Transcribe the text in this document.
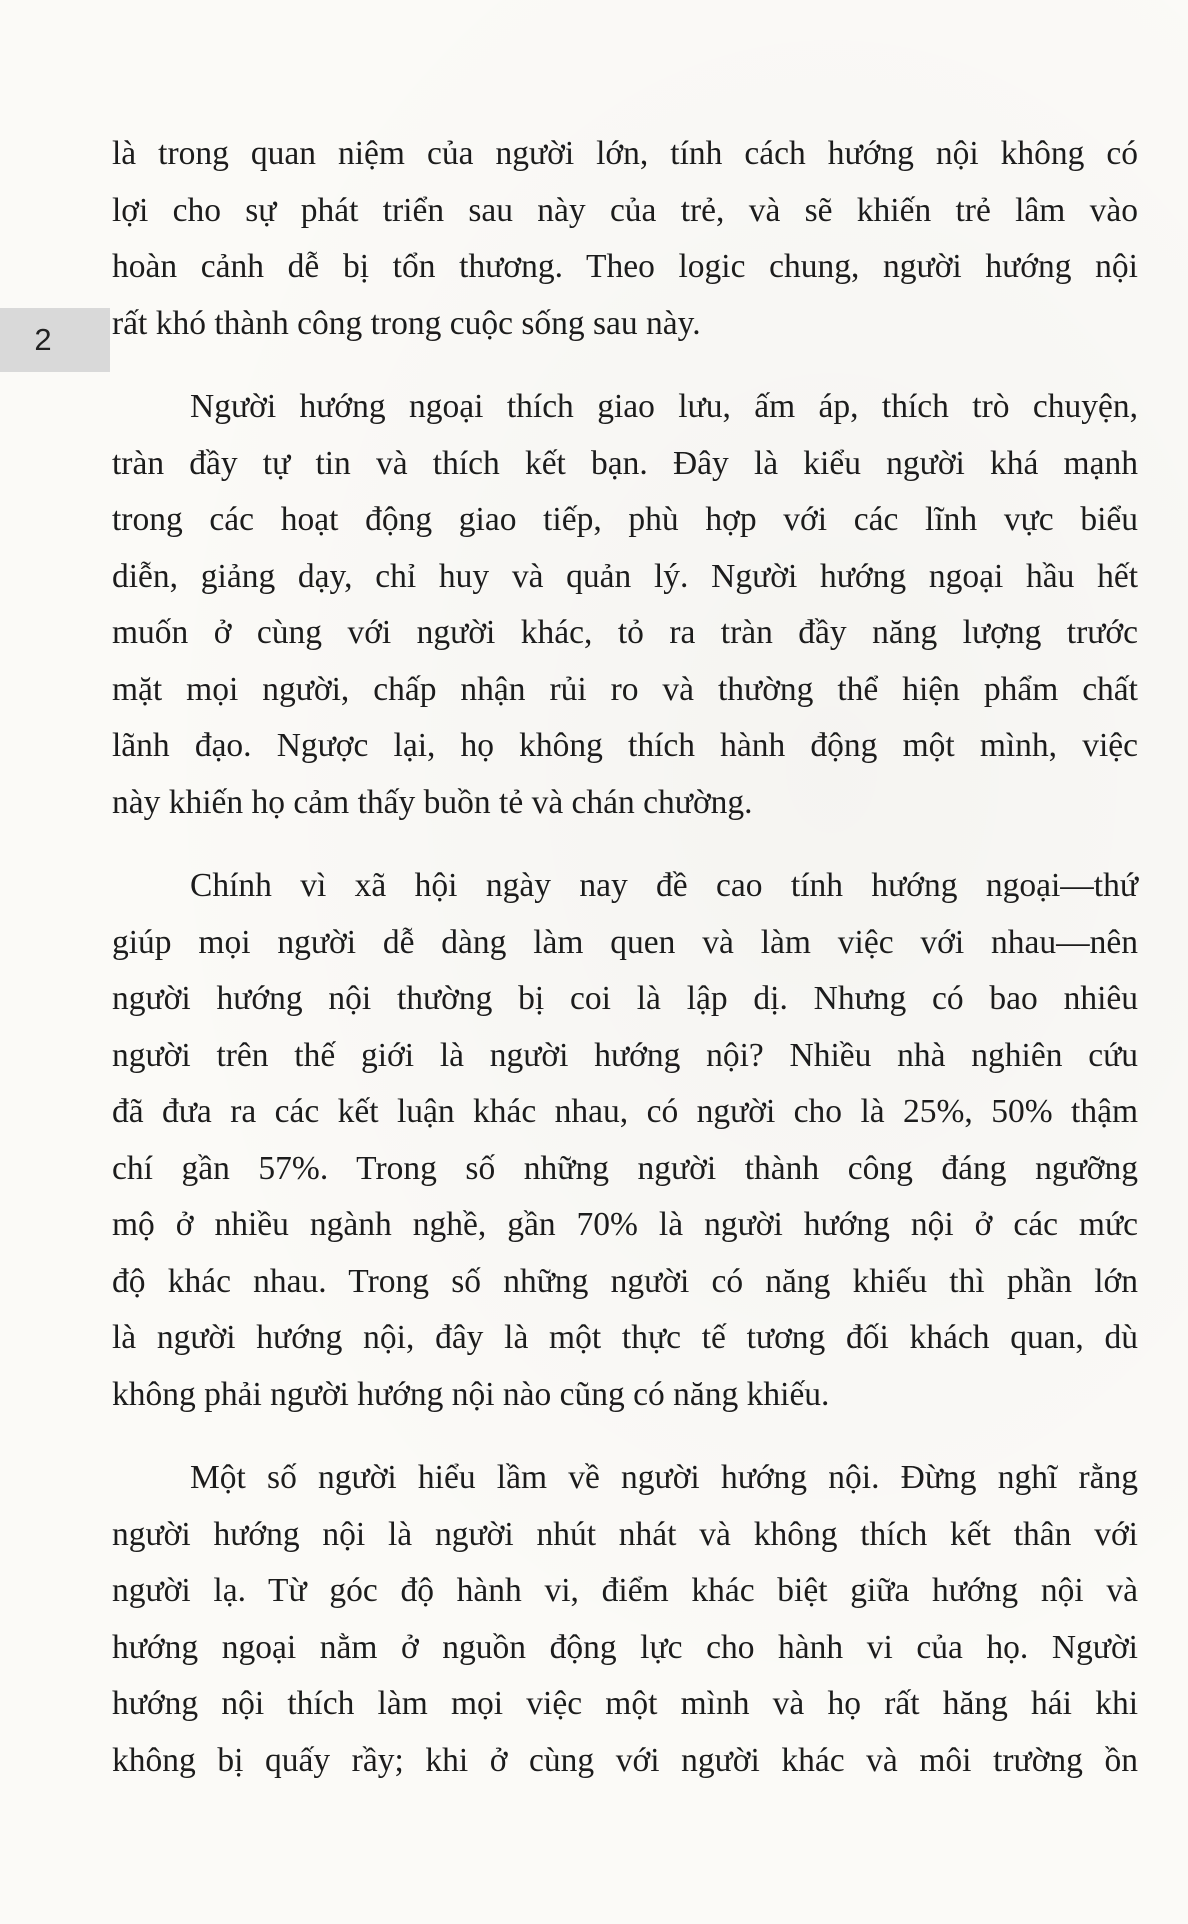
2

là trong quan niệm của người lớn, tính cách hướng nội không có
lợi cho sự phát triển sau này của trẻ, và sẽ khiến trẻ lâm vào
hoàn cảnh dễ bị tổn thương. Theo logic chung, người hướng nội
rất khó thành công trong cuộc sống sau này.

Người hướng ngoại thích giao lưu, ấm áp, thích trò chuyện,
tràn đầy tự tin và thích kết bạn. Đây là kiểu người khá mạnh
trong các hoạt động giao tiếp, phù hợp với các lĩnh vực biểu
diễn, giảng dạy, chỉ huy và quản lý. Người hướng ngoại hầu hết
muốn ở cùng với người khác, tỏ ra tràn đầy năng lượng trước
mặt mọi người, chấp nhận rủi ro và thường thể hiện phẩm chất
lãnh đạo. Ngược lại, họ không thích hành động một mình, việc
này khiến họ cảm thấy buồn tẻ và chán chường.

Chính vì xã hội ngày nay đề cao tính hướng ngoại—thứ
giúp mọi người dễ dàng làm quen và làm việc với nhau—nên
người hướng nội thường bị coi là lập dị. Nhưng có bao nhiêu
người trên thế giới là người hướng nội? Nhiều nhà nghiên cứu
đã đưa ra các kết luận khác nhau, có người cho là 25%, 50% thậm
chí gần 57%. Trong số những người thành công đáng ngưỡng
mộ ở nhiều ngành nghề, gần 70% là người hướng nội ở các mức
độ khác nhau. Trong số những người có năng khiếu thì phần lớn
là người hướng nội, đây là một thực tế tương đối khách quan, dù
không phải người hướng nội nào cũng có năng khiếu.

Một số người hiểu lầm về người hướng nội. Đừng nghĩ rằng
người hướng nội là người nhút nhát và không thích kết thân với
người lạ. Từ góc độ hành vi, điểm khác biệt giữa hướng nội và
hướng ngoại nằm ở nguồn động lực cho hành vi của họ. Người
hướng nội thích làm mọi việc một mình và họ rất hăng hái khi
không bị quấy rầy; khi ở cùng với người khác và môi trường ồn
